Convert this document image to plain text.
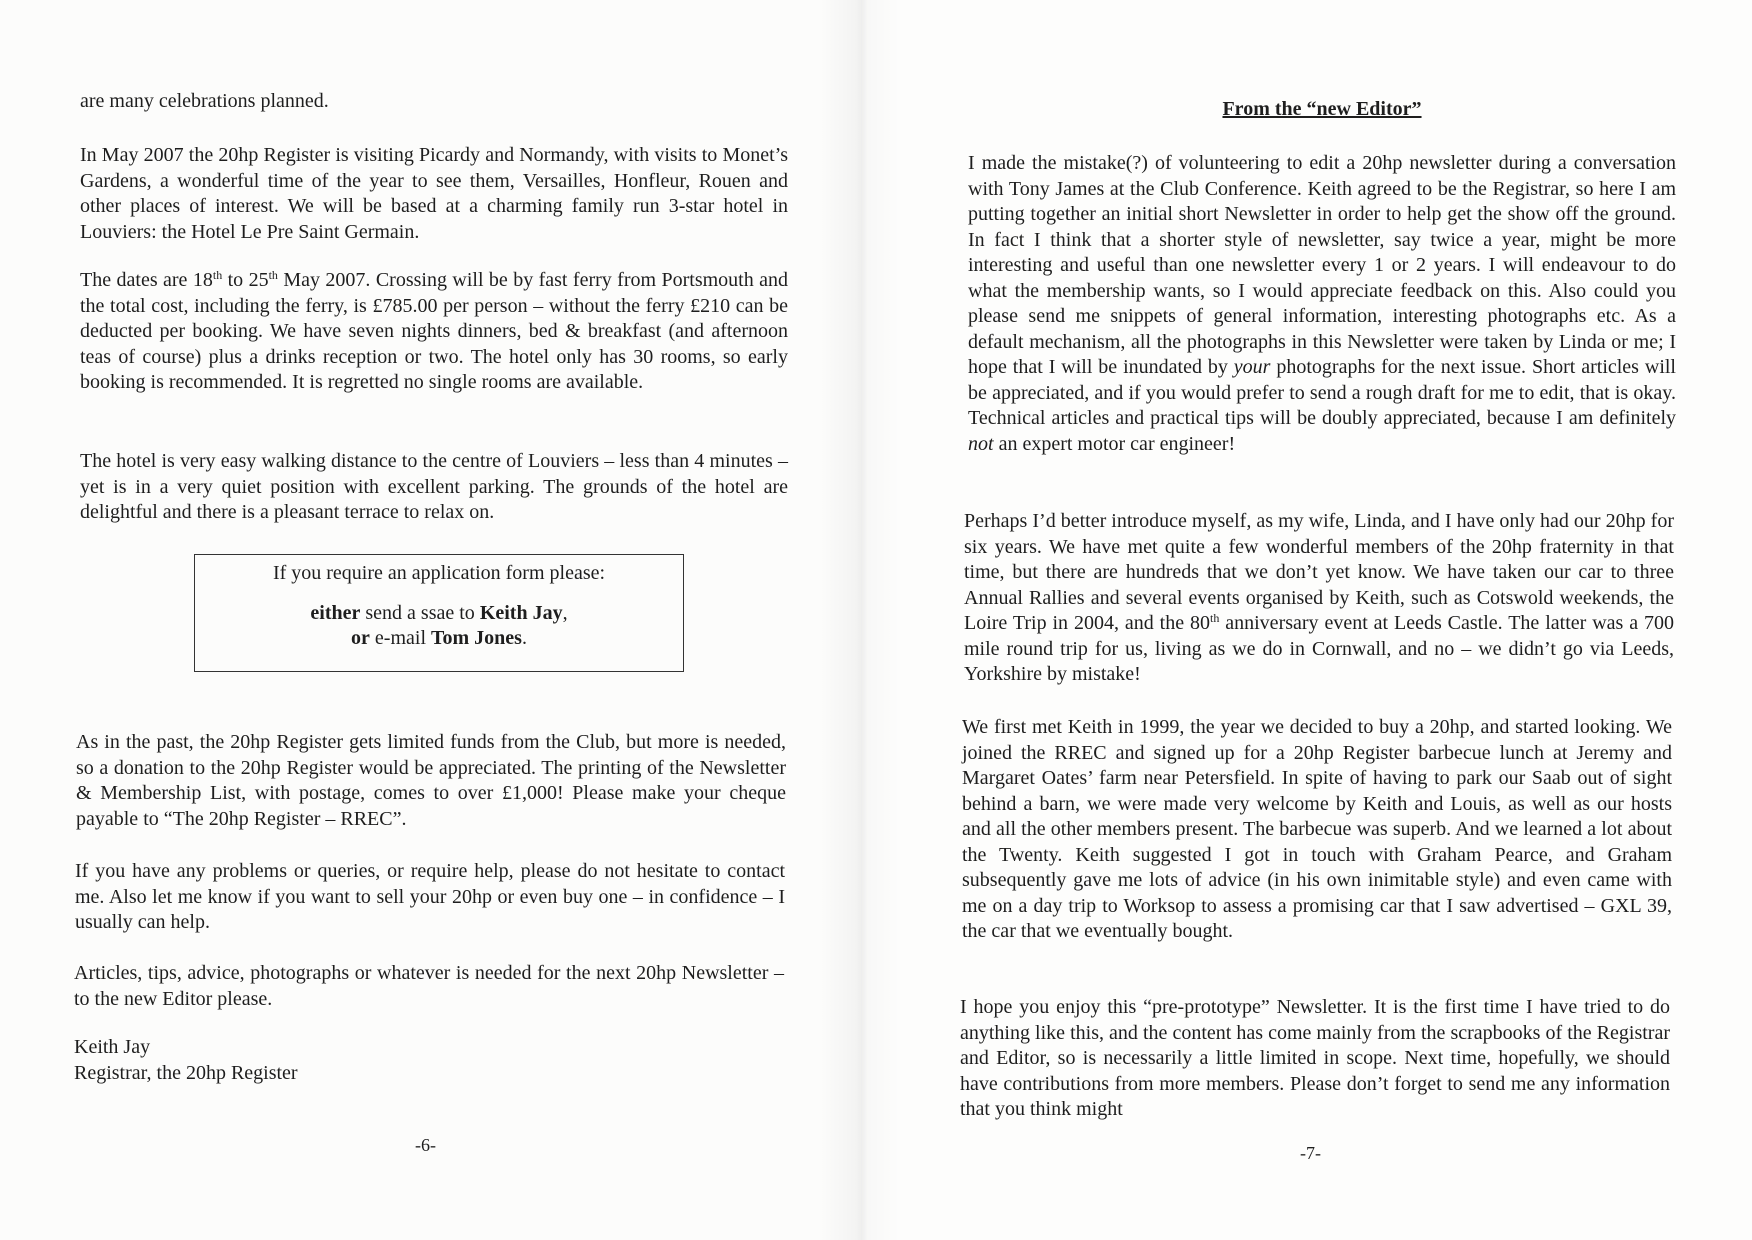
are many celebrations planned.

In May 2007 the 20hp Register is visiting Picardy and Normandy, with visits to Monet’s Gardens, a wonderful time of the year to see them, Versailles, Honfleur, Rouen and other places of interest. We will be based at a charming family run 3-star hotel in Louviers: the Hotel Le Pre Saint Germain.

The dates are 18th to 25th May 2007. Crossing will be by fast ferry from Portsmouth and the total cost, including the ferry, is £785.00 per person – without the ferry £210 can be deducted per booking. We have seven nights dinners, bed & breakfast (and afternoon teas of course) plus a drinks reception or two. The hotel only has 30 rooms, so early booking is recommended. It is regretted no single rooms are available.

The hotel is very easy walking distance to the centre of Louviers – less than 4 minutes – yet is in a very quiet position with excellent parking. The grounds of the hotel are delightful and there is a pleasant terrace to relax on.

If you require an application form please:
either send a ssae to Keith Jay,
or e-mail Tom Jones.

As in the past, the 20hp Register gets limited funds from the Club, but more is needed, so a donation to the 20hp Register would be appreciated. The printing of the Newsletter & Membership List, with postage, comes to over £1,000! Please make your cheque payable to “The 20hp Register – RREC”.

If you have any problems or queries, or require help, please do not hesitate to contact me. Also let me know if you want to sell your 20hp or even buy one – in confidence – I usually can help.

Articles, tips, advice, photographs or whatever is needed for the next 20hp Newsletter – to the new Editor please.

Keith Jay
Registrar, the 20hp Register
-6-
From the “new Editor”

I made the mistake(?) of volunteering to edit a 20hp newsletter during a conversation with Tony James at the Club Conference. Keith agreed to be the Registrar, so here I am putting together an initial short Newsletter in order to help get the show off the ground. In fact I think that a shorter style of newsletter, say twice a year, might be more interesting and useful than one newsletter every 1 or 2 years. I will endeavour to do what the membership wants, so I would appreciate feedback on this. Also could you please send me snippets of general information, interesting photographs etc. As a default mechanism, all the photographs in this Newsletter were taken by Linda or me; I hope that I will be inundated by your photographs for the next issue. Short articles will be appreciated, and if you would prefer to send a rough draft for me to edit, that is okay. Technical articles and practical tips will be doubly appreciated, because I am definitely not an expert motor car engineer!

Perhaps I’d better introduce myself, as my wife, Linda, and I have only had our 20hp for six years. We have met quite a few wonderful members of the 20hp fraternity in that time, but there are hundreds that we don’t yet know. We have taken our car to three Annual Rallies and several events organised by Keith, such as Cotswold weekends, the Loire Trip in 2004, and the 80th anniversary event at Leeds Castle. The latter was a 700 mile round trip for us, living as we do in Cornwall, and no – we didn’t go via Leeds, Yorkshire by mistake!

We first met Keith in 1999, the year we decided to buy a 20hp, and started looking. We joined the RREC and signed up for a 20hp Register barbecue lunch at Jeremy and Margaret Oates’ farm near Petersfield. In spite of having to park our Saab out of sight behind a barn, we were made very welcome by Keith and Louis, as well as our hosts and all the other members present. The barbecue was superb. And we learned a lot about the Twenty. Keith suggested I got in touch with Graham Pearce, and Graham subsequently gave me lots of advice (in his own inimitable style) and even came with me on a day trip to Worksop to assess a promising car that I saw advertised – GXL 39, the car that we eventually bought.

I hope you enjoy this “pre-prototype” Newsletter. It is the first time I have tried to do anything like this, and the content has come mainly from the scrapbooks of the Registrar and Editor, so is necessarily a little limited in scope. Next time, hopefully, we should have contributions from more members. Please don’t forget to send me any information that you think might

-7-
